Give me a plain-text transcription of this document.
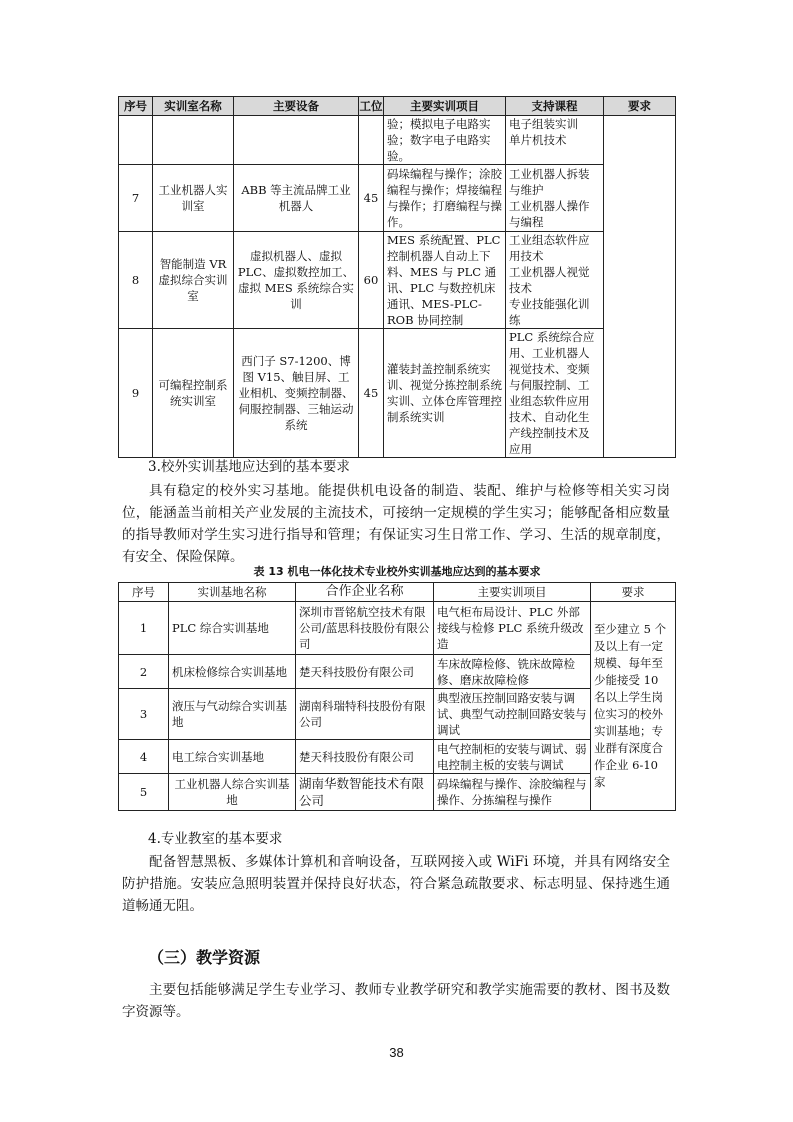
序号	实训室名称	主要设备	工位	主要实训项目	支持课程	要求
				验；模拟电子电路实验；数字电子电路实验。	电子组装实训
单片机技术	
7	工业机器人实训室	ABB 等主流品牌工业机器人	45	码垛编程与操作；涂胶编程与操作；焊接编程与操作；打磨编程与操作。	工业机器人拆装与维护
工业机器人操作与编程	
8	智能制造 VR 虚拟综合实训室	虚拟机器人、虚拟 PLC、虚拟数控加工、虚拟 MES 系统综合实训	60	MES 系统配置、PLC 控制机器人自动上下料、MES 与 PLC 通讯、PLC 与数控机床通讯、MES-PLC-ROB 协同控制	工业组态软件应用技术
工业机器人视觉技术
专业技能强化训练	
9	可编程控制系统实训室	西门子 S7-1200、博图 V15、触目屏、工业相机、变频控制器、伺服控制器、三轴运动系统	45	灌装封盖控制系统实训、视觉分拣控制系统实训、立体仓库管理控制系统实训	PLC 系统综合应用、工业机器人视觉技术、变频与伺服控制、工业组态软件应用技术、自动化生产线控制技术及应用	

3.校外实训基地应达到的基本要求

具有稳定的校外实习基地。能提供机电设备的制造、装配、维护与检修等相关实习岗位，能涵盖当前相关产业发展的主流技术，可接纳一定规模的学生实习；能够配备相应数量的指导教师对学生实习进行指导和管理；有保证实习生日常工作、学习、生活的规章制度，有安全、保险保障。

表 13 机电一体化技术专业校外实训基地应达到的基本要求
序号	实训基地名称	合作企业名称	主要实训项目	要求
1	PLC 综合实训基地	深圳市晋铭航空技术有限公司/蓝思科技股份有限公司	电气柜布局设计、PLC 外部接线与检修 PLC 系统升级改造	至少建立 5 个及以上有一定规模、每年至少能接受 10 名以上学生岗位实习的校外实训基地；专业群有深度合作企业 6-10 家
2	机床检修综合实训基地	楚天科技股份有限公司	车床故障检修、铣床故障检修、磨床故障检修	
3	液压与气动综合实训基地	湖南科瑞特科技股份有限公司	典型液压控制回路安装与调试、典型气动控制回路安装与调试	
4	电工综合实训基地	楚天科技股份有限公司	电气控制柜的安装与调试、弱电控制主板的安装与调试	
5	工业机器人综合实训基地	湖南华数智能技术有限公司	码垛编程与操作、涂胶编程与操作、分拣编程与操作	

4.专业教室的基本要求

配备智慧黑板、多媒体计算机和音响设备，互联网接入或 WiFi 环境，并具有网络安全防护措施。安装应急照明装置并保持良好状态，符合紧急疏散要求、标志明显、保持逃生通道畅通无阻。

（三）教学资源

主要包括能够满足学生专业学习、教师专业教学研究和教学实施需要的教材、图书及数字资源等。

38
